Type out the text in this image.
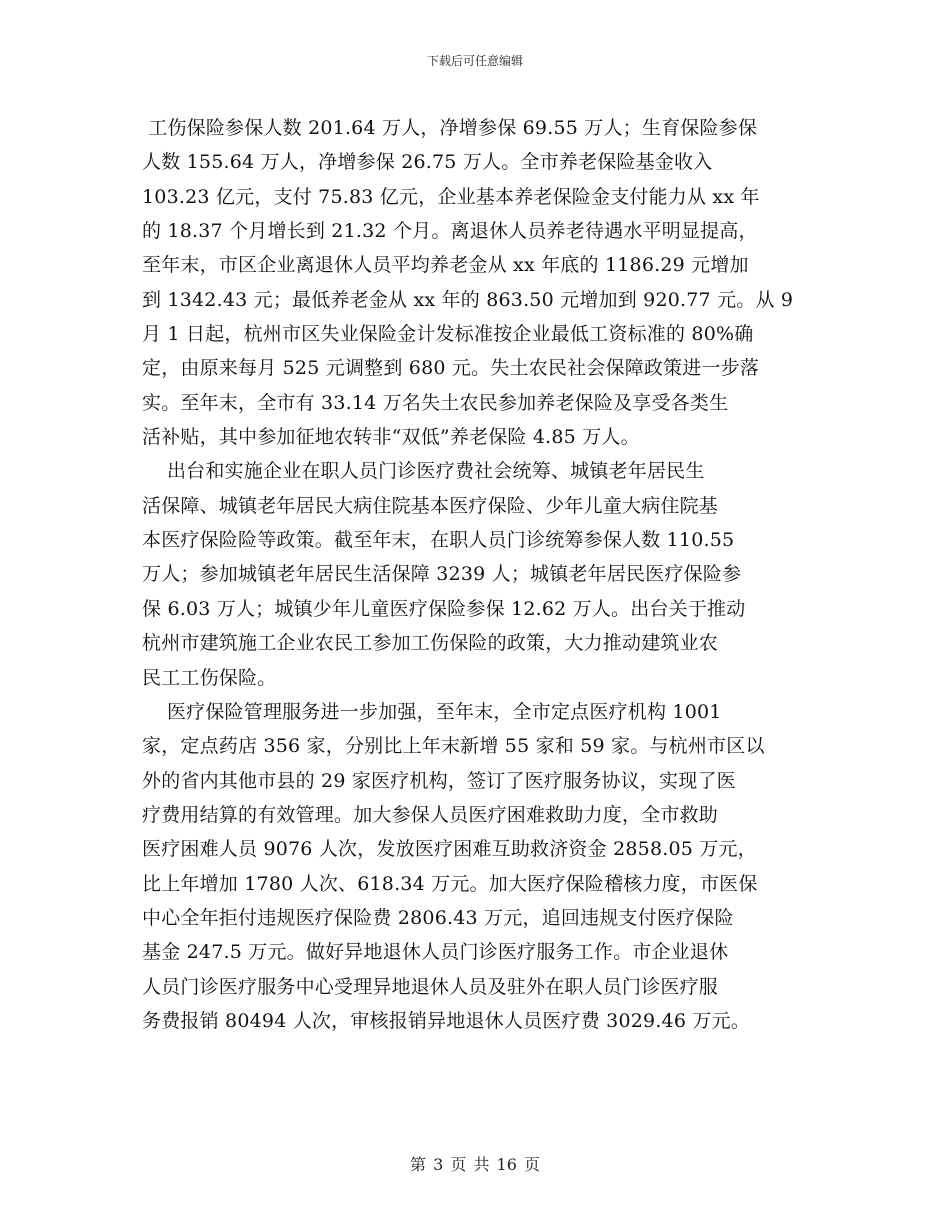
下载后可任意编辑
工伤保险参保人数 201.64 万人，净增参保 69.55 万人；生育保险参保
人数 155.64 万人，净增参保 26.75 万人。全市养老保险基金收入
103.23 亿元，支付 75.83 亿元，企业基本养老保险金支付能力从 xx 年
的 18.37 个月增长到 21.32 个月。离退休人员养老待遇水平明显提高，
至年末，市区企业离退休人员平均养老金从 xx 年底的 1186.29 元增加
到 1342.43 元；最低养老金从 xx 年的 863.50 元增加到 920.77 元。从 9
月 1 日起，杭州市区失业保险金计发标准按企业最低工资标准的 80%确
定，由原来每月 525 元调整到 680 元。失土农民社会保障政策进一步落
实。至年末，全市有 33.14 万名失土农民参加养老保险及享受各类生
活补贴，其中参加征地农转非“双低”养老保险 4.85 万人。
出台和实施企业在职人员门诊医疗费社会统筹、城镇老年居民生
活保障、城镇老年居民大病住院基本医疗保险、少年儿童大病住院基
本医疗保险险等政策。截至年末，在职人员门诊统筹参保人数 110.55
万人；参加城镇老年居民生活保障 3239 人；城镇老年居民医疗保险参
保 6.03 万人；城镇少年儿童医疗保险参保 12.62 万人。出台关于推动
杭州市建筑施工企业农民工参加工伤保险的政策，大力推动建筑业农
民工工伤保险。
医疗保险管理服务进一步加强，至年末，全市定点医疗机构 1001
家，定点药店 356 家，分别比上年末新增 55 家和 59 家。与杭州市区以
外的省内其他市县的 29 家医疗机构，签订了医疗服务协议，实现了医
疗费用结算的有效管理。加大参保人员医疗困难救助力度，全市救助
医疗困难人员 9076 人次，发放医疗困难互助救济资金 2858.05 万元，
比上年增加 1780 人次、618.34 万元。加大医疗保险稽核力度，市医保
中心全年拒付违规医疗保险费 2806.43 万元，追回违规支付医疗保险
基金 247.5 万元。做好异地退休人员门诊医疗服务工作。市企业退休
人员门诊医疗服务中心受理异地退休人员及驻外在职人员门诊医疗服
务费报销 80494 人次，审核报销异地退休人员医疗费 3029.46 万元。
第 3 页 共 16 页
